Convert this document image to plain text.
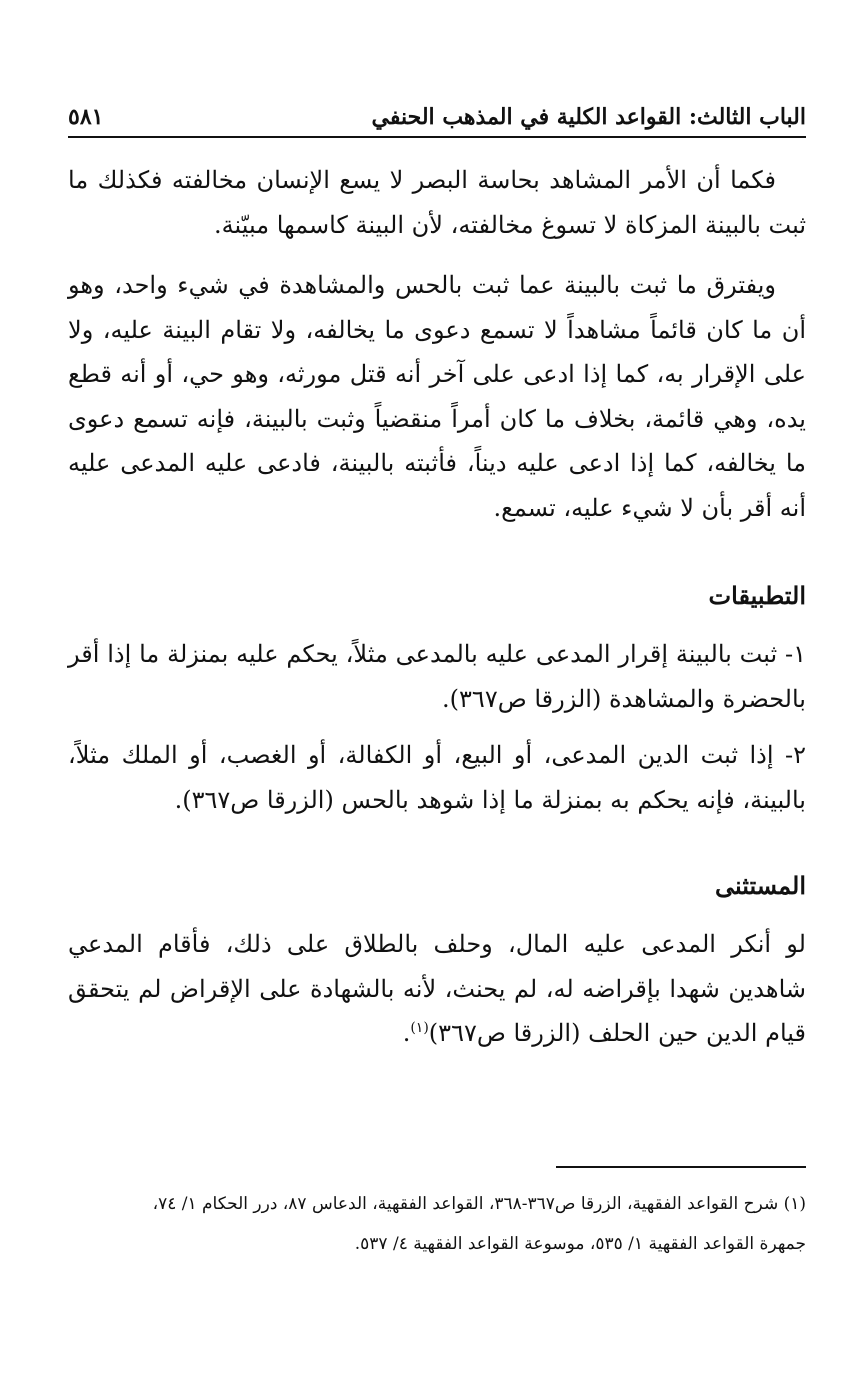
الباب الثالث: القواعد الكلية في المذهب الحنفي
٥٨١

فكما أن الأمر المشاهد بحاسة البصر لا يسع الإنسان مخالفته فكذلك ما ثبت بالبينة المزكاة لا تسوغ مخالفته، لأن البينة كاسمها مبيّنة.

ويفترق ما ثبت بالبينة عما ثبت بالحس والمشاهدة في شيء واحد، وهو أن ما كان قائماً مشاهداً لا تسمع دعوى ما يخالفه، ولا تقام البينة عليه، ولا على الإقرار به، كما إذا ادعى على آخر أنه قتل مورثه، وهو حي، أو أنه قطع يده، وهي قائمة، بخلاف ما كان أمراً منقضياً وثبت بالبينة، فإنه تسمع دعوى ما يخالفه، كما إذا ادعى عليه ديناً، فأثبته بالبينة، فادعى عليه المدعى عليه أنه أقر بأن لا شيء عليه، تسمع.

التطبيقات

١- ثبت بالبينة إقرار المدعى عليه بالمدعى مثلاً، يحكم عليه بمنزلة ما إذا أقر بالحضرة والمشاهدة (الزرقا ص٣٦٧).

٢- إذا ثبت الدين المدعى، أو البيع، أو الكفالة، أو الغصب، أو الملك مثلاً، بالبينة، فإنه يحكم به بمنزلة ما إذا شوهد بالحس (الزرقا ص٣٦٧).

المستثنى

لو أنكر المدعى عليه المال، وحلف بالطلاق على ذلك، فأقام المدعي شاهدين شهدا بإقراضه له، لم يحنث، لأنه بالشهادة على الإقراض لم يتحقق قيام الدين حين الحلف (الزرقا ص٣٦٧)$^{(١)}$.

(١) شرح القواعد الفقهية، الزرقا ص٣٦٧-٣٦٨، القواعد الفقهية، الدعاس ٨٧، درر الحكام ١/ ٧٤،
جمهرة القواعد الفقهية ١/ ٥٣٥، موسوعة القواعد الفقهية ٤/ ٥٣٧.
